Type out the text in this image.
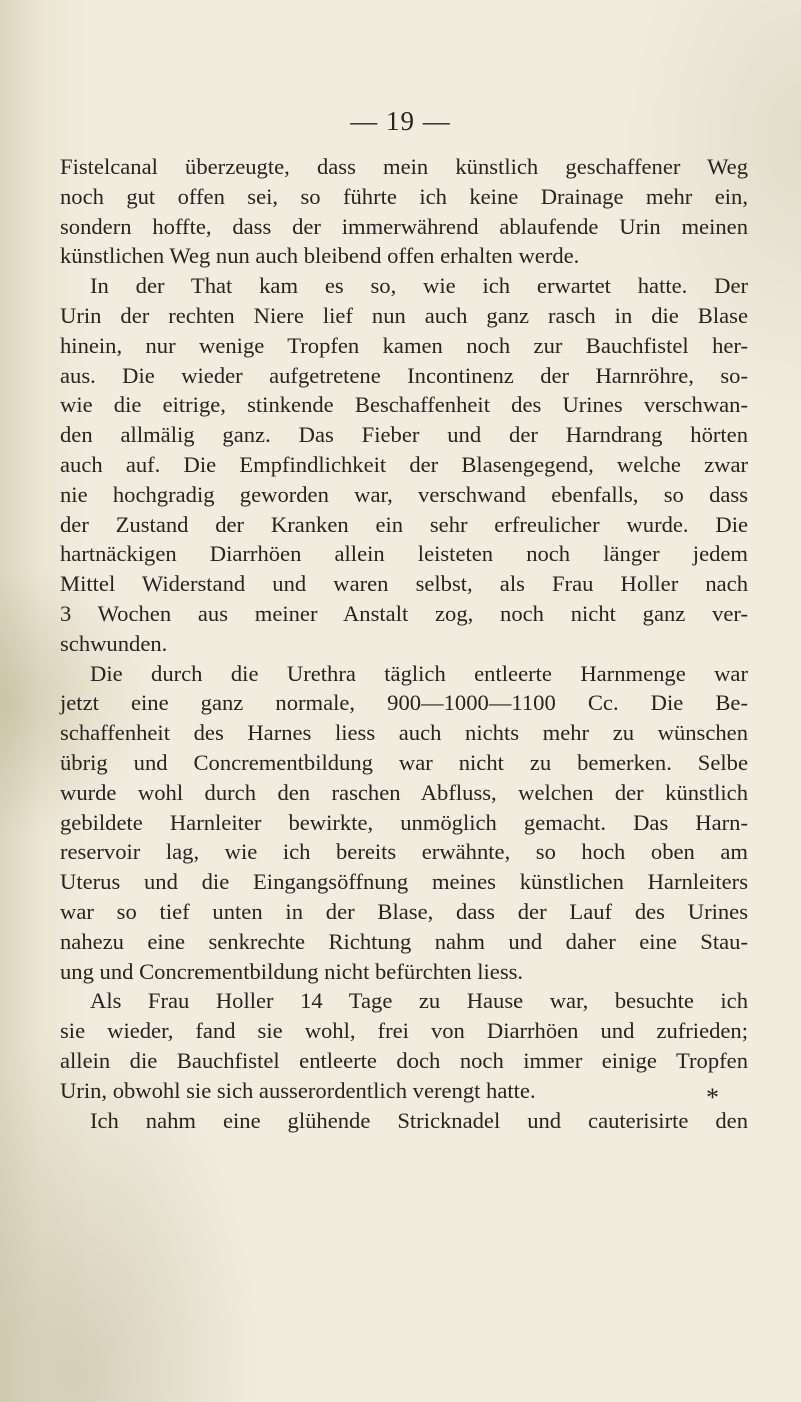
— 19 —
Fistelcanal überzeugte, dass mein künstlich geschaffener Weg
noch gut offen sei, so führte ich keine Drainage mehr ein,
sondern hoffte, dass der immerwährend ablaufende Urin meinen
künstlichen Weg nun auch bleibend offen erhalten werde.
In der That kam es so, wie ich erwartet hatte. Der
Urin der rechten Niere lief nun auch ganz rasch in die Blase
hinein, nur wenige Tropfen kamen noch zur Bauchfistel her-
aus. Die wieder aufgetretene Incontinenz der Harnröhre, so-
wie die eitrige, stinkende Beschaffenheit des Urines verschwan-
den allmälig ganz. Das Fieber und der Harndrang hörten
auch auf. Die Empfindlichkeit der Blasengegend, welche zwar
nie hochgradig geworden war, verschwand ebenfalls, so dass
der Zustand der Kranken ein sehr erfreulicher wurde. Die
hartnäckigen Diarrhöen allein leisteten noch länger jedem
Mittel Widerstand und waren selbst, als Frau Holler nach
3 Wochen aus meiner Anstalt zog, noch nicht ganz ver-
schwunden.
Die durch die Urethra täglich entleerte Harnmenge war
jetzt eine ganz normale, 900—1000—1100 Cc. Die Be-
schaffenheit des Harnes liess auch nichts mehr zu wünschen
übrig und Concrementbildung war nicht zu bemerken. Selbe
wurde wohl durch den raschen Abfluss, welchen der künstlich
gebildete Harnleiter bewirkte, unmöglich gemacht. Das Harn-
reservoir lag, wie ich bereits erwähnte, so hoch oben am
Uterus und die Eingangsöffnung meines künstlichen Harnleiters
war so tief unten in der Blase, dass der Lauf des Urines
nahezu eine senkrechte Richtung nahm und daher eine Stau-
ung und Concrementbildung nicht befürchten liess.
Als Frau Holler 14 Tage zu Hause war, besuchte ich
sie wieder, fand sie wohl, frei von Diarrhöen und zufrieden;
allein die Bauchfistel entleerte doch noch immer einige Tropfen
Urin, obwohl sie sich ausserordentlich verengt hatte.
Ich nahm eine glühende Stricknadel und cauterisirte den
*
